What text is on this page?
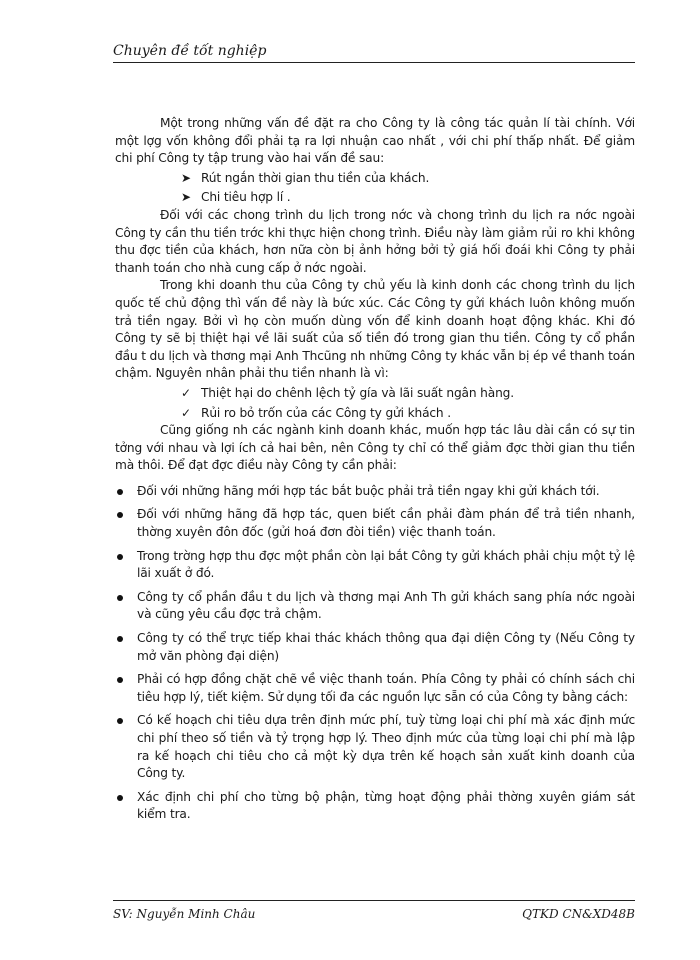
Chuyên đề tốt nghiệp

Một trong những vấn đề đặt ra cho Công ty là công tác quản lí tài chính. Với một lợg vốn không đổi phải tạ ra lợi nhuận cao nhất , với chi phí thấp nhất. Để giảm chi phí Công ty tập trung vào hai vấn đề sau:

➤ Rút ngắn thời gian thu tiền của khách.

➤ Chi tiêu hợp lí .

Đối với các chong trình du lịch trong nớc và chong trình du lịch ra nớc ngoài Công ty cần thu tiền trớc khi thực hiện chong trình. Điều này làm giảm rủi ro khi không thu đợc tiền của khách, hơn nữa còn bị ảnh hởng bởi tỷ giá hối đoái khi Công ty phải thanh toán cho nhà cung cấp ở nớc ngoài.

Trong khi doanh thu của Công ty chủ yếu là kinh donh các chong trình du lịch quốc tế chủ động thì vấn đề này là bức xúc. Các Công ty gửi khách luôn không muốn trả tiền ngay. Bởi vì họ còn muốn dùng vốn để kinh doanh hoạt động khác. Khi đó Công ty sẽ bị thiệt hại về lãi suất của số tiền đó trong gian thu tiền. Công ty cổ phần đầu t du lịch và thơng mại Anh Thcũng nh những Công ty khác vẫn bị ép về thanh toán chậm. Nguyên nhân phải thu tiền nhanh là vì:

✓ Thiệt hại do chênh lệch tỷ gía và lãi suất ngân hàng.

✓ Rủi ro bỏ trốn của các Công ty gửi khách .

Cũng giống nh các ngành kinh doanh khác, muốn hợp tác lâu dài cần có sự tin tởng với nhau và lợi ích cả hai bên, nên Công ty chỉ có thể giảm đợc thời gian thu tiền mà thôi. Để đạt đợc điều này Công ty cần phải:

Đối với những hãng mới hợp tác bắt buộc phải trả tiền ngay khi gửi khách tới.
Đối với những hãng đã hợp tác, quen biết cần phải đàm phán để trả tiền nhanh, thờng xuyên đôn đốc (gửi hoá đơn đòi tiền) việc thanh toán.
Trong trờng hợp thu đợc một phần còn lại bắt Công ty gửi khách phải chịu một tỷ lệ lãi xuất ở đó.
Công ty cổ phần đầu t du lịch và thơng mại Anh Th gửi khách sang phía nớc ngoài và cũng yêu cầu đợc trả chậm.
Công ty có thể trực tiếp khai thác khách thông qua đại diện Công ty (Nếu Công ty mở văn phòng đại diện)
Phải có hợp đồng chặt chẽ về việc thanh toán. Phía Công ty phải có chính sách chi tiêu hợp lý, tiết kiệm. Sử dụng tối đa các nguồn lực sẵn có của Công ty bằng cách:
Có kế hoạch chi tiêu dựa trên định mức phí, tuỳ từng loại chi phí mà xác định mức chi phí theo số tiền và tỷ trọng hợp lý. Theo định mức của từng loại chi phí mà lập ra kế hoạch chi tiêu cho cả một kỳ dựa trên kế hoạch sản xuất kinh doanh của Công ty.
Xác định chi phí cho từng bộ phận, từng hoạt động phải thờng xuyên giám sát kiểm tra.
SV: Nguyễn Minh Châu	QTKD CN&XD48B
